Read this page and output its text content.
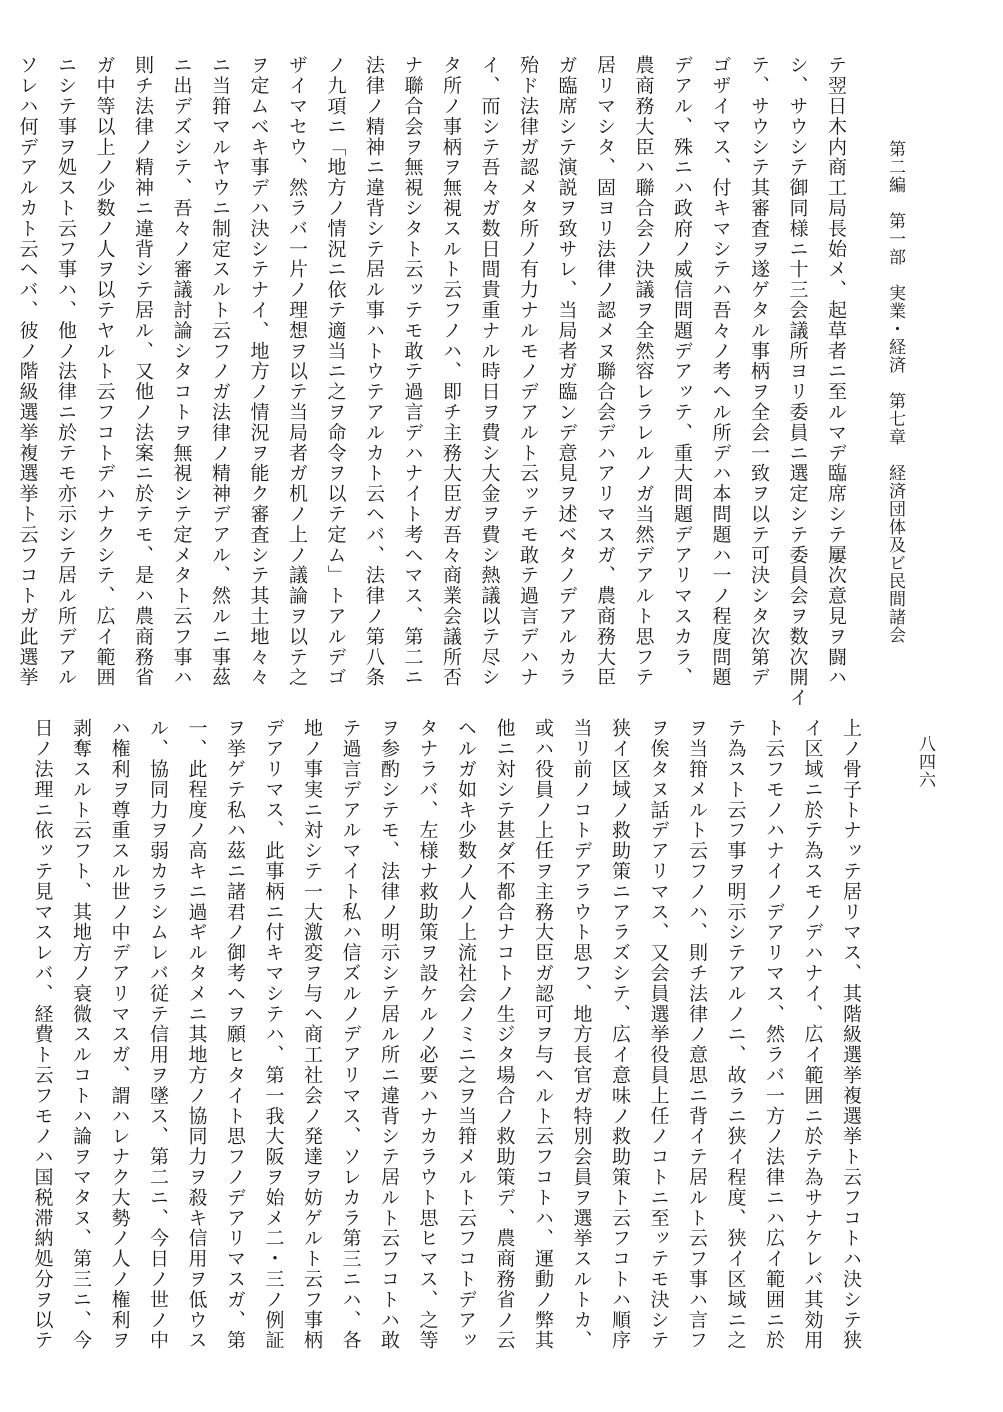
第二編　第一部　実業・経済　第七章　経済団体及ビ民間諸会
八四六
テ翌日木内商工局長始メ、起草者ニ至ルマデ臨席シテ屢次意見ヲ闘ハ
シ、サウシテ御同様ニ十三会議所ヨリ委員ニ選定シテ委員会ヲ数次開イ
テ、サウシテ其審査ヲ遂ゲタル事柄ヲ全会一致ヲ以テ可決シタ次第デ
ゴザイマス、付キマシテハ吾々ノ考ヘル所デハ本問題ハ一ノ程度問題
デアル、殊ニハ政府ノ威信問題デアッテ、重大問題デアリマスカラ、
農商務大臣ハ聯合会ノ決議ヲ全然容レラレルノガ当然デアルト思フテ
居リマシタ、固ヨリ法律ノ認メヌ聯合会デハアリマスガ、農商務大臣
ガ臨席シテ演説ヲ致サレ、当局者ガ臨ンデ意見ヲ述ベタノデアルカラ
殆ド法律ガ認メタ所ノ有力ナルモノデアルト云ッテモ敢テ過言デハナ
イ、而シテ吾々ガ数日間貴重ナル時日ヲ費シ大金ヲ費シ熱議以テ尽シ
タ所ノ事柄ヲ無視スルト云フノハ、即チ主務大臣ガ吾々商業会議所否
ナ聯合会ヲ無視シタト云ッテモ敢テ過言デハナイト考ヘマス、第二ニ
法律ノ精神ニ違背シテ居ル事ハトウテアルカト云ヘバ、法律ノ第八条
ノ九項ニ「地方ノ情況ニ依テ適当ニ之ヲ命令ヲ以テ定ム」トアルデゴ
ザイマセウ、然ラバ一片ノ理想ヲ以テ当局者ガ机ノ上ノ議論ヲ以テ之
ヲ定ムベキ事デハ決シテナイ、地方ノ情況ヲ能ク審査シテ其土地々々
ニ当箝マルヤウニ制定スルト云フノガ法律ノ精神デアル、然ルニ事茲
ニ出デズシテ、吾々ノ審議討論シタコトヲ無視シテ定メタト云フ事ハ
則チ法律ノ精神ニ違背シテ居ル、又他ノ法案ニ於テモ、是ハ農商務省
ガ中等以上ノ少数ノ人ヲ以テヤルト云フコトデハナクシテ、広イ範囲
ニシテ事ヲ処スト云フ事ハ、他ノ法律ニ於テモ亦示シテ居ル所デアル
ソレハ何デアルカト云ヘバ、彼ノ階級選挙複選挙ト云フコトガ此選挙
上ノ骨子トナッテ居リマス、其階級選挙複選挙ト云フコトハ決シテ狭
イ区域ニ於テ為スモノデハナイ、広イ範囲ニ於テ為サナケレバ其効用
ト云フモノハナイノデアリマス、然ラバ一方ノ法律ニハ広イ範囲ニ於
テ為スト云フ事ヲ明示シテアルノニ、故ラニ狭イ程度、狭イ区域ニ之
ヲ当箝メルト云フノハ、則チ法律ノ意思ニ背イテ居ルト云フ事ハ言フ
ヲ俟タヌ話デアリマス、又会員選挙役員上任ノコトニ至ッテモ決シテ
狭イ区域ノ救助策ニアラズシテ、広イ意味ノ救助策ト云フコトハ順序
当リ前ノコトデアラウト思フ、地方長官ガ特別会員ヲ選挙スルトカ、
或ハ役員ノ上任ヲ主務大臣ガ認可ヲ与ヘルト云フコトハ、運動ノ弊其
他ニ対シテ甚ダ不都合ナコトノ生ジタ場合ノ救助策デ、農商務省ノ云
ヘルガ如キ少数ノ人ノ上流社会ノミニ之ヲ当箝メルト云フコトデアッ
タナラバ、左様ナ救助策ヲ設ケルノ必要ハナカラウト思ヒマス、之等
ヲ参酌シテモ、法律ノ明示シテ居ル所ニ違背シテ居ルト云フコトハ敢
テ過言デアルマイト私ハ信ズルノデアリマス、ソレカラ第三ニハ、各
地ノ事実ニ対シテ一大激変ヲ与ヘ商工社会ノ発達ヲ妨ゲルト云フ事柄
デアリマス、此事柄ニ付キマシテハ、第一我大阪ヲ始メ二・三ノ例証
ヲ挙ゲテ私ハ茲ニ諸君ノ御考ヘヲ願ヒタイト思フノデアリマスガ、第
一、此程度ノ高キニ過ギルタメニ其地方ノ協同力ヲ殺キ信用ヲ低ウス
ル、協同力ヲ弱カラシムレバ従テ信用ヲ墜ス、第二ニ、今日ノ世ノ中
ハ権利ヲ尊重スル世ノ中デアリマスガ、謂ハレナク大勢ノ人ノ権利ヲ
剥奪スルト云フト、其地方ノ衰微スルコトハ論ヲマタヌ、第三ニ、今
日ノ法理ニ依ッテ見マスレバ、経費ト云フモノハ国税滞納処分ヲ以テ
